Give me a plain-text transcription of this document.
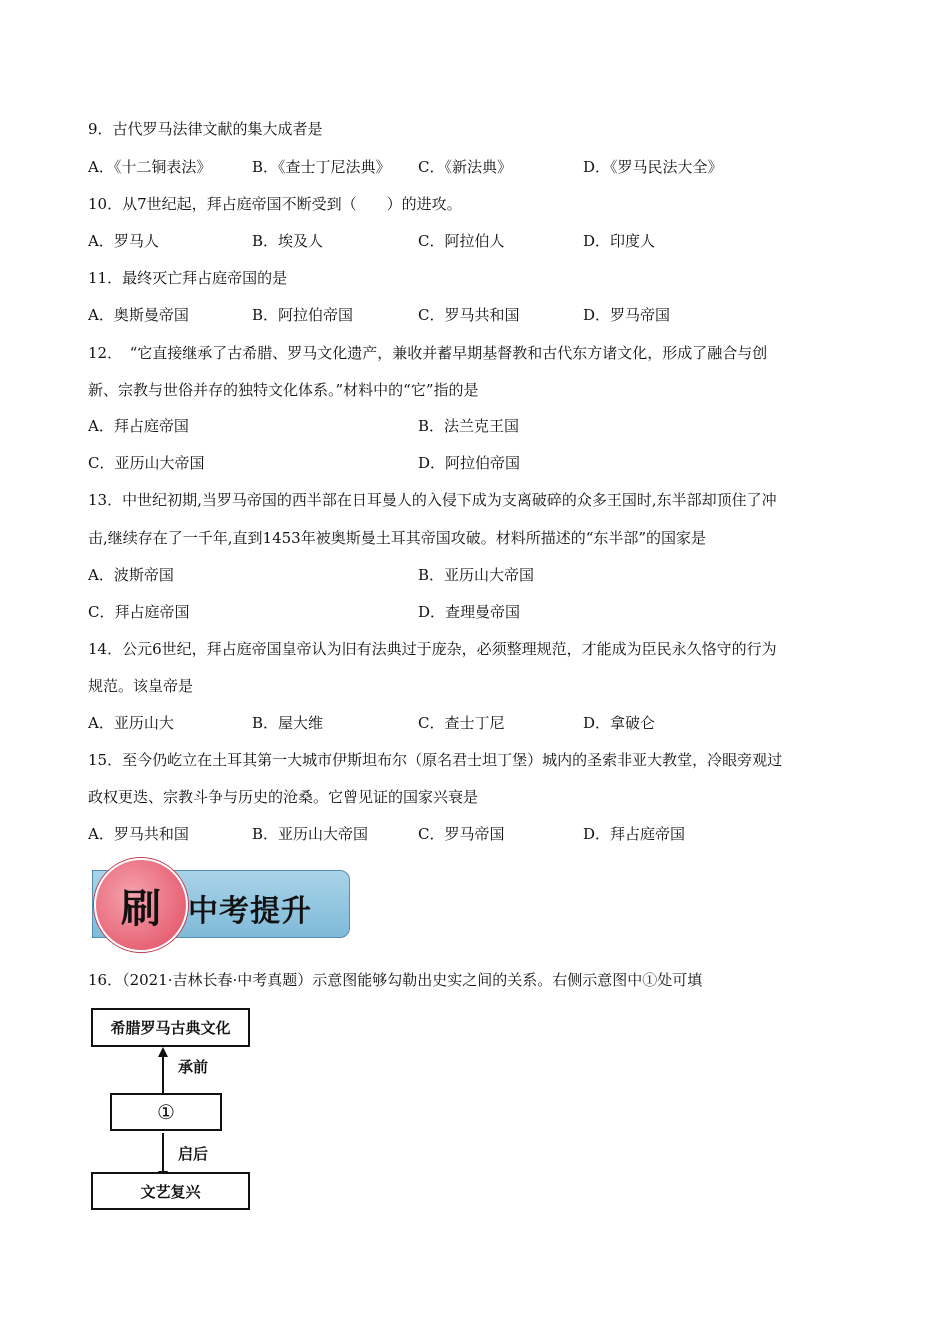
9．古代罗马法律文献的集大成者是
A．《十二铜表法》	B．《查士丁尼法典》 C．《新法典》	D．《罗马民法大全》
10．从7世纪起，拜占庭帝国不断受到（　　）的进攻。
A．罗马人	B．埃及人	C．阿拉伯人	D．印度人
11．最终灭亡拜占庭帝国的是
A．奥斯曼帝国	B．阿拉伯帝国	C．罗马共和国	D．罗马帝国
12．　“它直接继承了古希腊、罗马文化遗产，兼收并蓄早期基督教和古代东方诸文化，形成了融合与创
新、宗教与世俗并存的独特文化体系。”材料中的“它”指的是
A．拜占庭帝国	B．法兰克王国
C．亚历山大帝国	D．阿拉伯帝国
13．中世纪初期,当罗马帝国的西半部在日耳曼人的入侵下成为支离破碎的众多王国时,东半部却顶住了冲
击,继续存在了一千年,直到1453年被奥斯曼土耳其帝国攻破。材料所描述的“东半部”的国家是
A．波斯帝国	B．亚历山大帝国
C．拜占庭帝国	D．查理曼帝国
14．公元6世纪，拜占庭帝国皇帝认为旧有法典过于庞杂，必须整理规范，才能成为臣民永久恪守的行为
规范。该皇帝是
A．亚历山大	B．屋大维	C．查士丁尼	D．拿破仑
15．至今仍屹立在土耳其第一大城市伊斯坦布尔（原名君士坦丁堡）城内的圣索非亚大教堂，冷眼旁观过
政权更迭、宗教斗争与历史的沧桑。它曾见证的国家兴衰是
A．罗马共和国	B．亚历山大帝国	C．罗马帝国	D．拜占庭帝国
刷 中考提升
16．（2021·吉林长春·中考真题）示意图能够勾勒出史实之间的关系。右侧示意图中①处可填
希腊罗马古典文化
承前
①
启后
文艺复兴
